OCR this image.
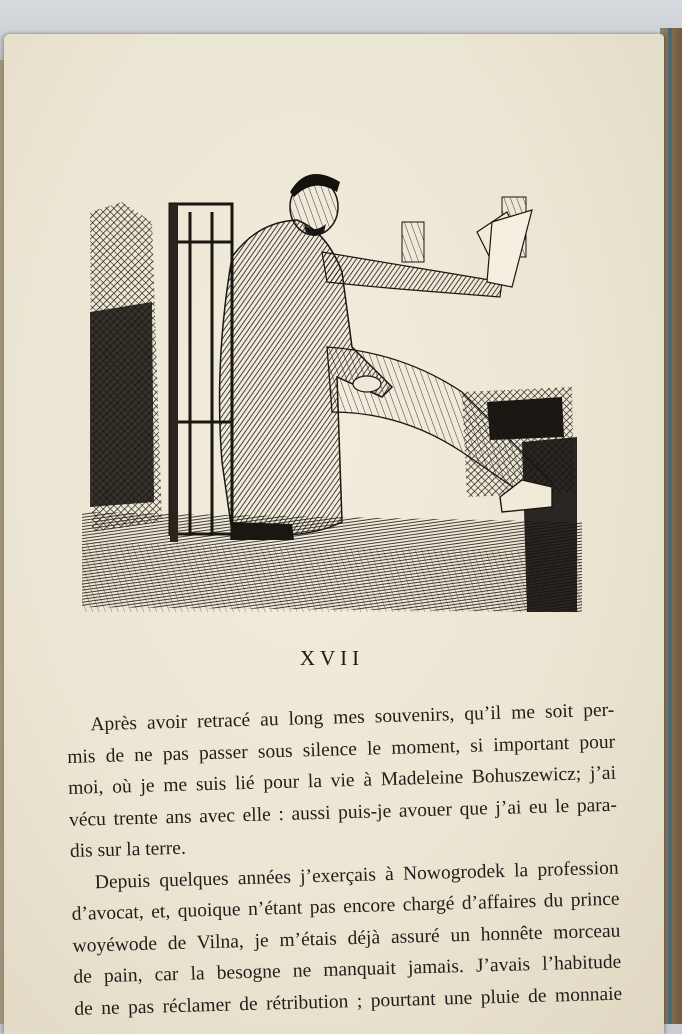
XVII
Après avoir retracé au long mes souvenirs, qu’il me soit per-
mis de ne pas passer sous silence le moment, si important pour
moi, où je me suis lié pour la vie à Madeleine Bohuszewicz; j’ai
vécu trente ans avec elle : aussi puis-je avouer que j’ai eu le para-
dis sur la terre.
Depuis quelques années j’exerçais à Nowogrodek la profession
d’avocat, et, quoique n’étant pas encore chargé d’affaires du prince
woyéwode de Vilna, je m’étais déjà assuré un honnête morceau
de pain, car la besogne ne manquait jamais. J’avais l’habitude
de ne pas réclamer de rétribution ; pourtant une pluie de monnaie
